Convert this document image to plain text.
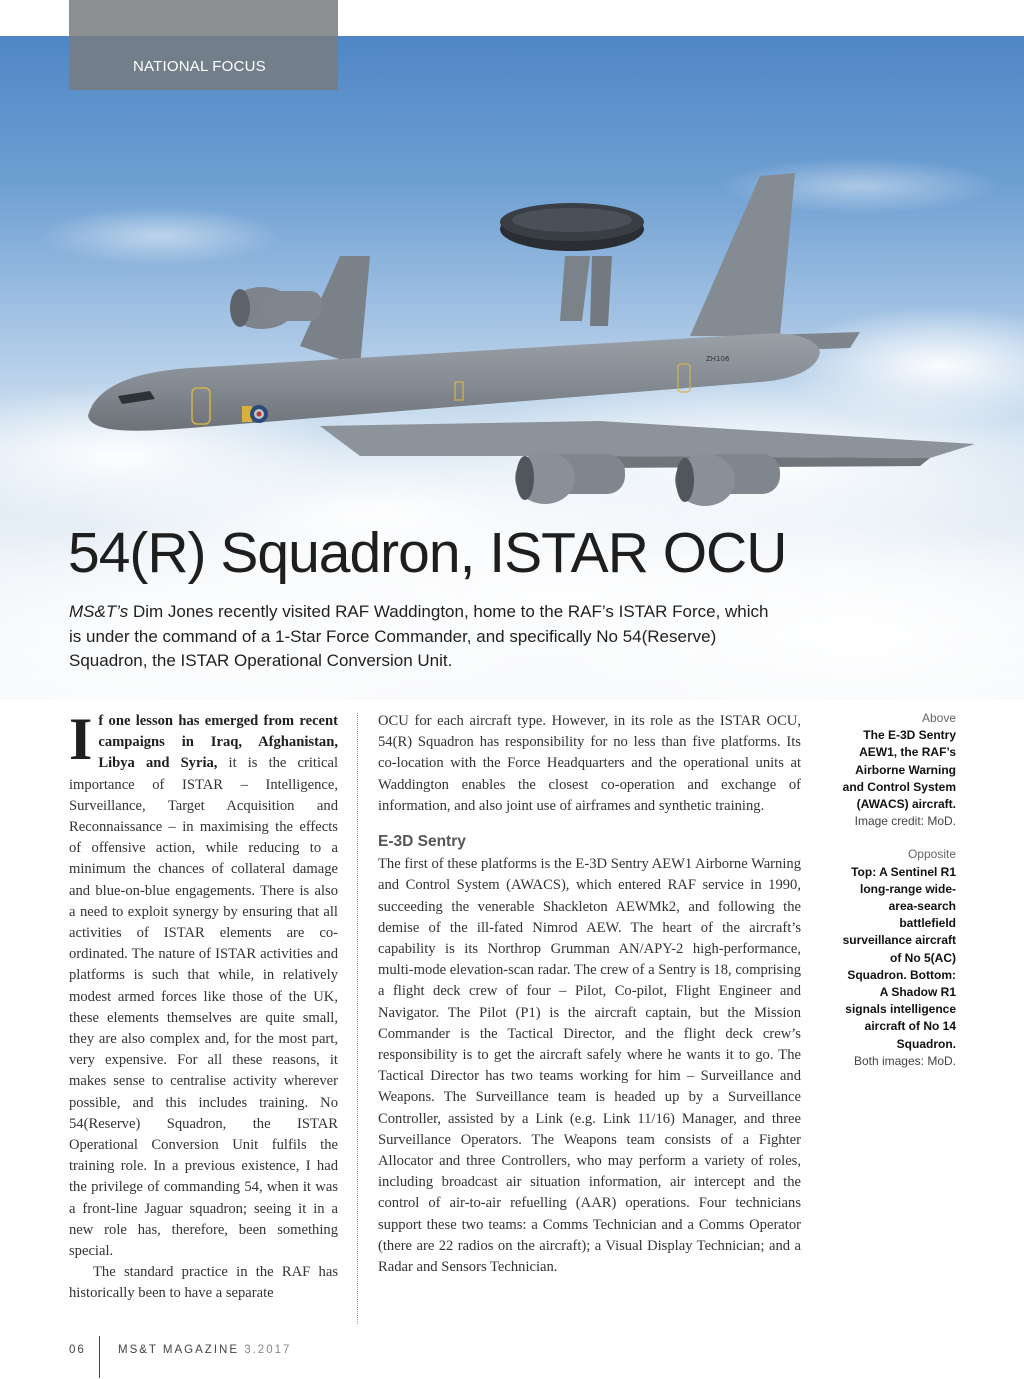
ZH106
NATIONAL FOCUS
54(R) Squadron, ISTAR OCU
MS&T’s Dim Jones recently visited RAF Waddington, home to the RAF’s ISTAR Force, which is under the command of a 1-Star Force Commander, and specifically No 54(Reserve) Squadron, the ISTAR Operational Conversion Unit.

If one lesson has emerged from recent campaigns in Iraq, Afghanistan, Libya and Syria, it is the critical importance of ISTAR – Intelligence, Surveillance, Target Acquisition and Reconnaissance – in maximising the effects of offensive action, while reducing to a minimum the chances of collateral damage and blue-on-blue engagements. There is also a need to exploit synergy by ensuring that all activities of ISTAR elements are co-ordinated. The nature of ISTAR activities and platforms is such that while, in relatively modest armed forces like those of the UK, these elements themselves are quite small, they are also complex and, for the most part, very expensive. For all these reasons, it makes sense to centralise activity wherever possible, and this includes training. No 54(Reserve) Squadron, the ISTAR Operational Conversion Unit fulfils the training role. In a previous existence, I had the privilege of commanding 54, when it was a front-line Jaguar squadron; seeing it in a new role has, therefore, been something special.

The standard practice in the RAF has historically been to have a separate

OCU for each aircraft type. However, in its role as the ISTAR OCU, 54(R) Squadron has responsibility for no less than five platforms. Its co-location with the Force Headquarters and the operational units at Waddington enables the closest co-operation and exchange of information, and also joint use of airframes and synthetic training.

E-3D Sentry

The first of these platforms is the E-3D Sentry AEW1 Airborne Warning and Control System (AWACS), which entered RAF service in 1990, succeeding the venerable Shackleton AEWMk2, and following the demise of the ill-fated Nimrod AEW. The heart of the aircraft’s capability is its Northrop Grumman AN/APY-2 high-performance, multi-mode elevation-scan radar. The crew of a Sentry is 18, comprising a flight deck crew of four – Pilot, Co-pilot, Flight Engineer and Navigator. The Pilot (P1) is the aircraft captain, but the Mission Commander is the Tactical Director, and the flight deck crew’s responsibility is to get the aircraft safely where he wants it to go. The Tactical Director has two teams working for him – Surveillance and Weapons. The Surveillance team is headed up by a Surveillance Controller, assisted by a Link (e.g. Link 11/16) Manager, and three Surveillance Operators. The Weapons team consists of a Fighter Allocator and three Controllers, who may perform a variety of roles, including broadcast air situation information, air intercept and the control of air-to-air refuelling (AAR) operations. Four technicians support these two teams: a Comms Technician and a Comms Operator (there are 22 radios on the aircraft); a Visual Display Technician; and a Radar and Sensors Technician.

Above
The E-3D Sentry AEW1, the RAF’s Airborne Warning and Control System (AWACS) aircraft.
Image credit: MoD.
Opposite
Top: A Sentinel R1 long-range wide-area-search battlefield surveillance aircraft of No 5(AC) Squadron. Bottom: A Shadow R1 signals intelligence aircraft of No 14 Squadron.
Both images: MoD.
06	MS&T MAGAZINE 3.2017
